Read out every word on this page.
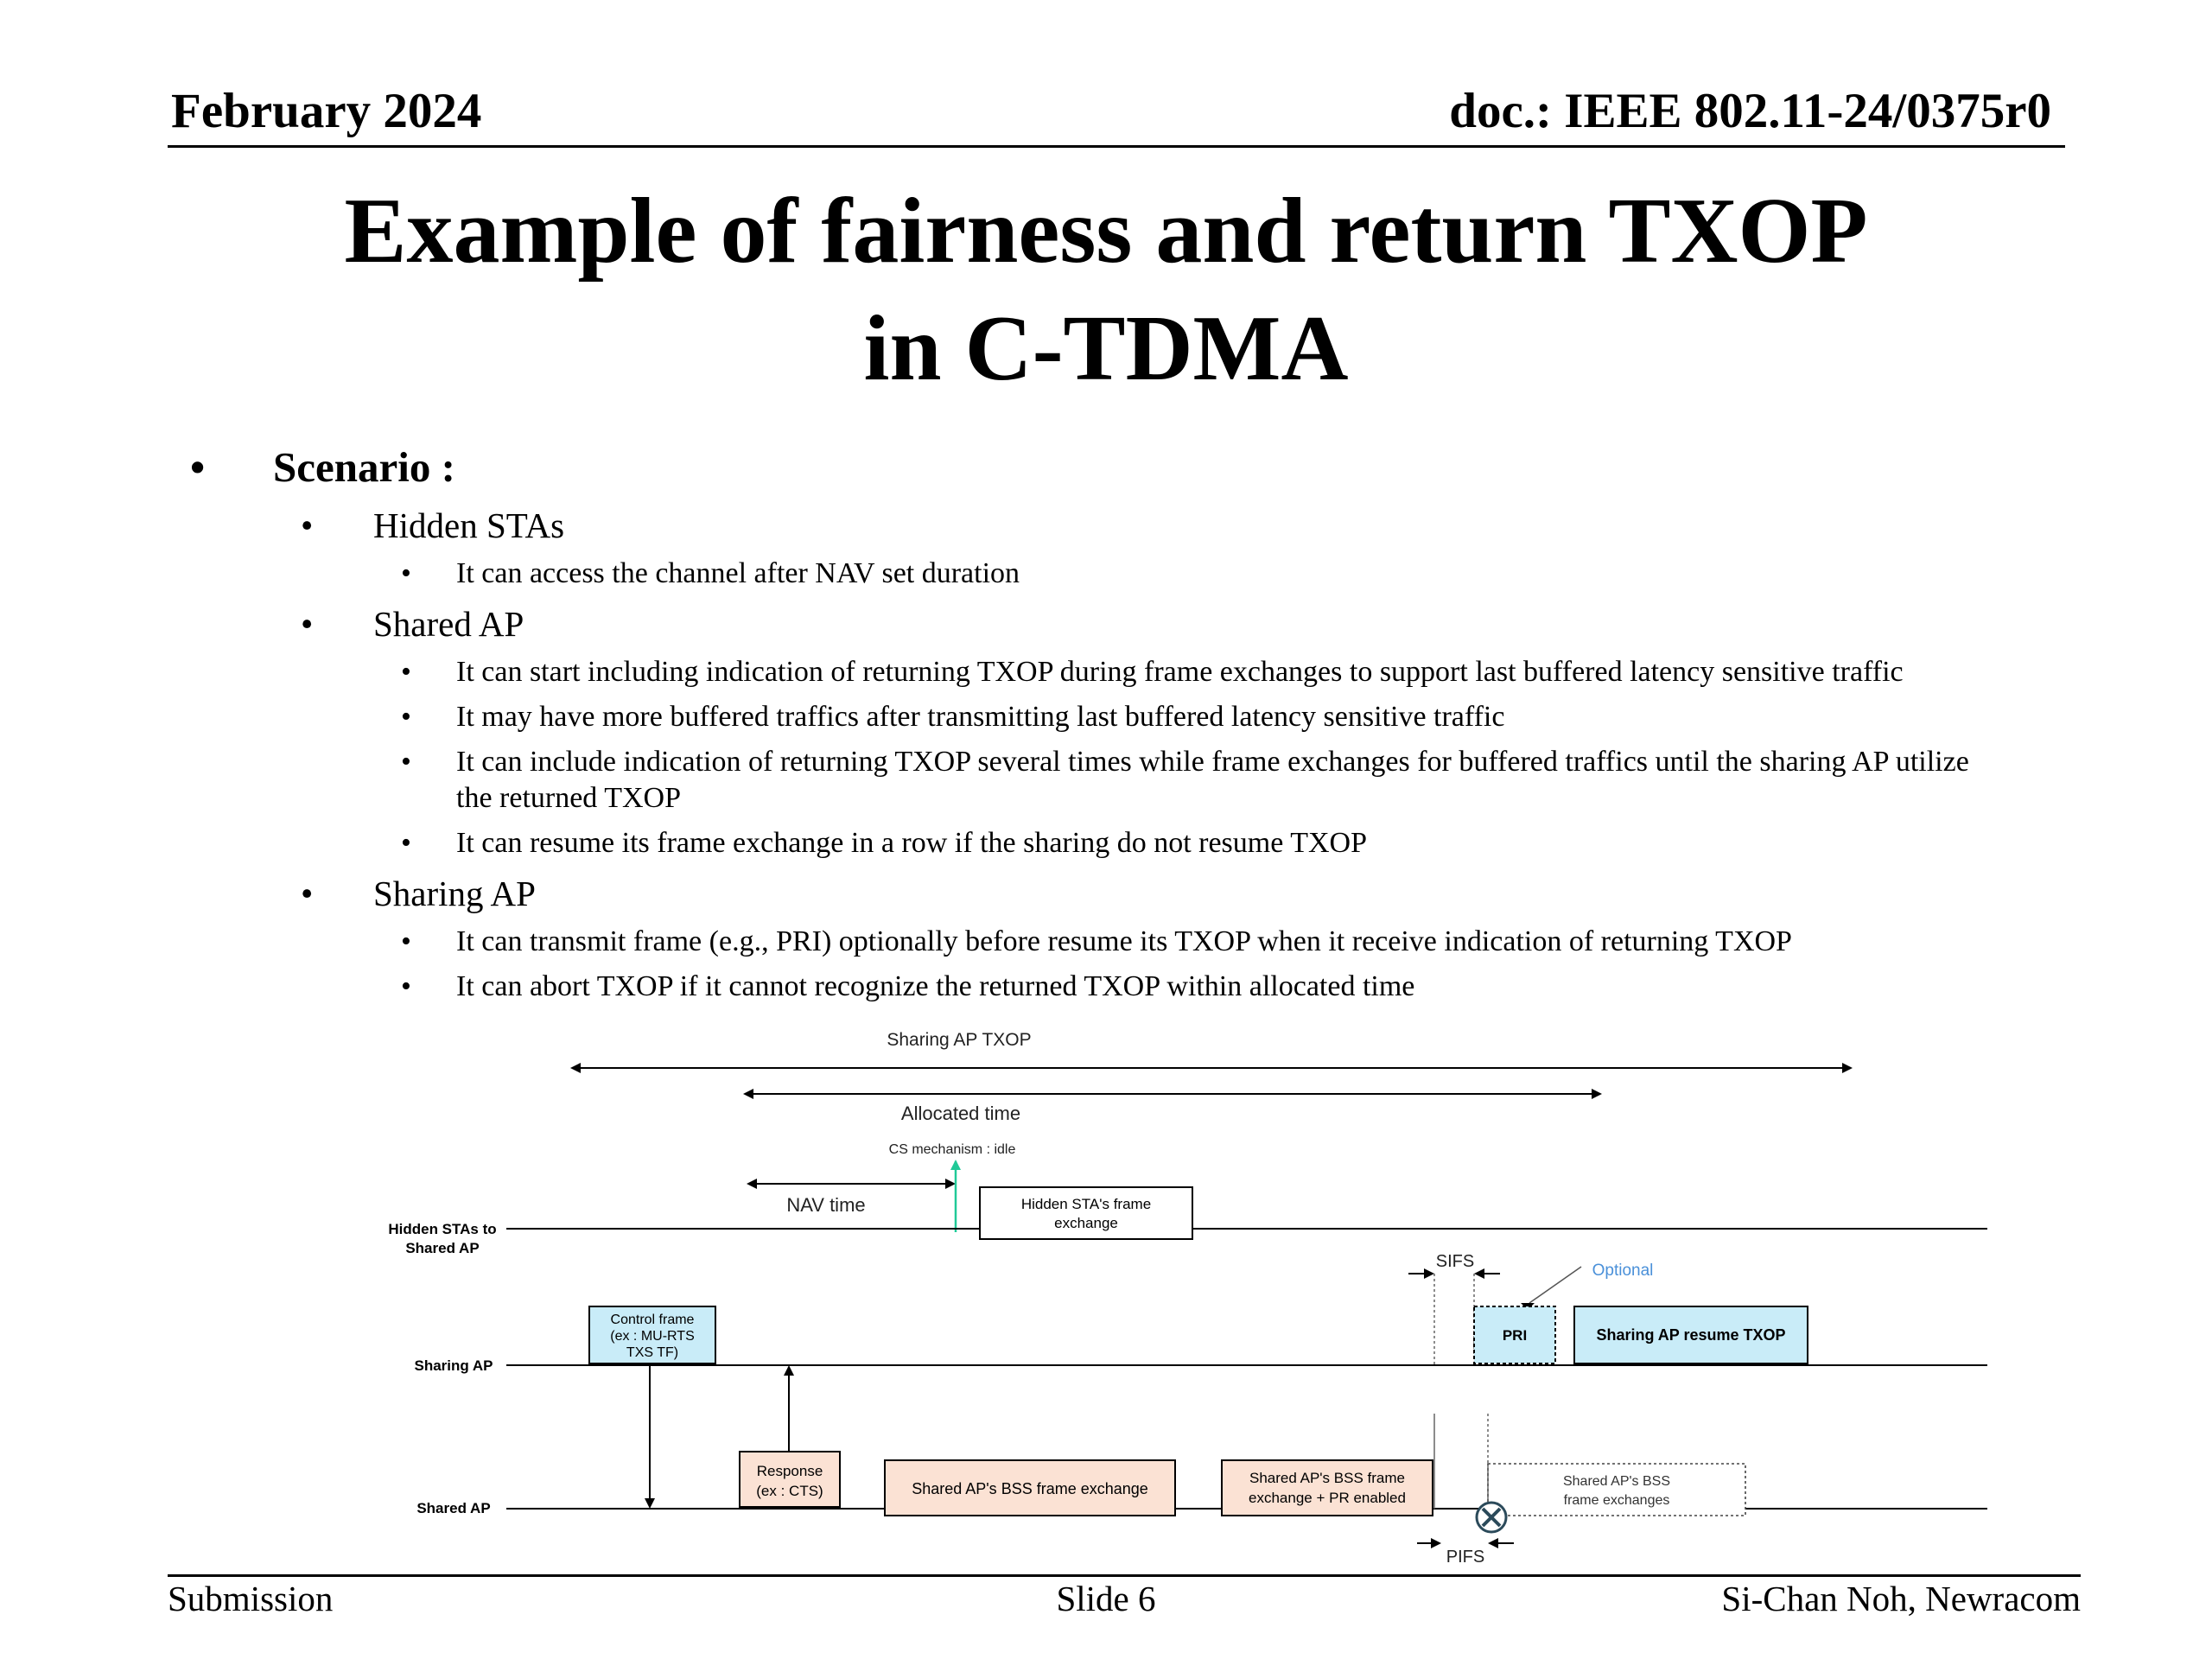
February 2024	doc.: IEEE 802.11-24/0375r0
Example of fairness and return TXOP
in C-TDMA
• Scenario :
• Hidden STAs
• It can access the channel after NAV set duration
• Shared AP
• It can start including indication of returning TXOP during frame exchanges to support last buffered latency sensitive traffic
• It may have more buffered traffics after transmitting last buffered latency sensitive traffic
• It can include indication of returning TXOP several times while frame exchanges for buffered traffics until the sharing AP utilize
the returned TXOP
• It can resume its frame exchange in a row if the sharing do not resume TXOP
• Sharing AP
• It can transmit frame (e.g., PRI) optionally before resume its TXOP when it receive indication of returning TXOP
• It can abort TXOP if it cannot recognize the returned TXOP within allocated time
Sharing AP TXOP
Allocated time
CS mechanism : idle
NAV time
Hidden STAs to
Shared AP
Sharing AP
Shared AP
Hidden STA's frame
exchange
Control frame
(ex : MU-RTS
TXS TF)
Response
(ex : CTS)	Shared AP's BSS frame exchange
Shared AP's BSS frame
exchange + PR enabled
Shared AP's BSS
frame exchanges
SIFS	Optional
PRI	Sharing AP resume TXOP
PIFS
Submission	Slide 6	Si-Chan Noh, Newracom
